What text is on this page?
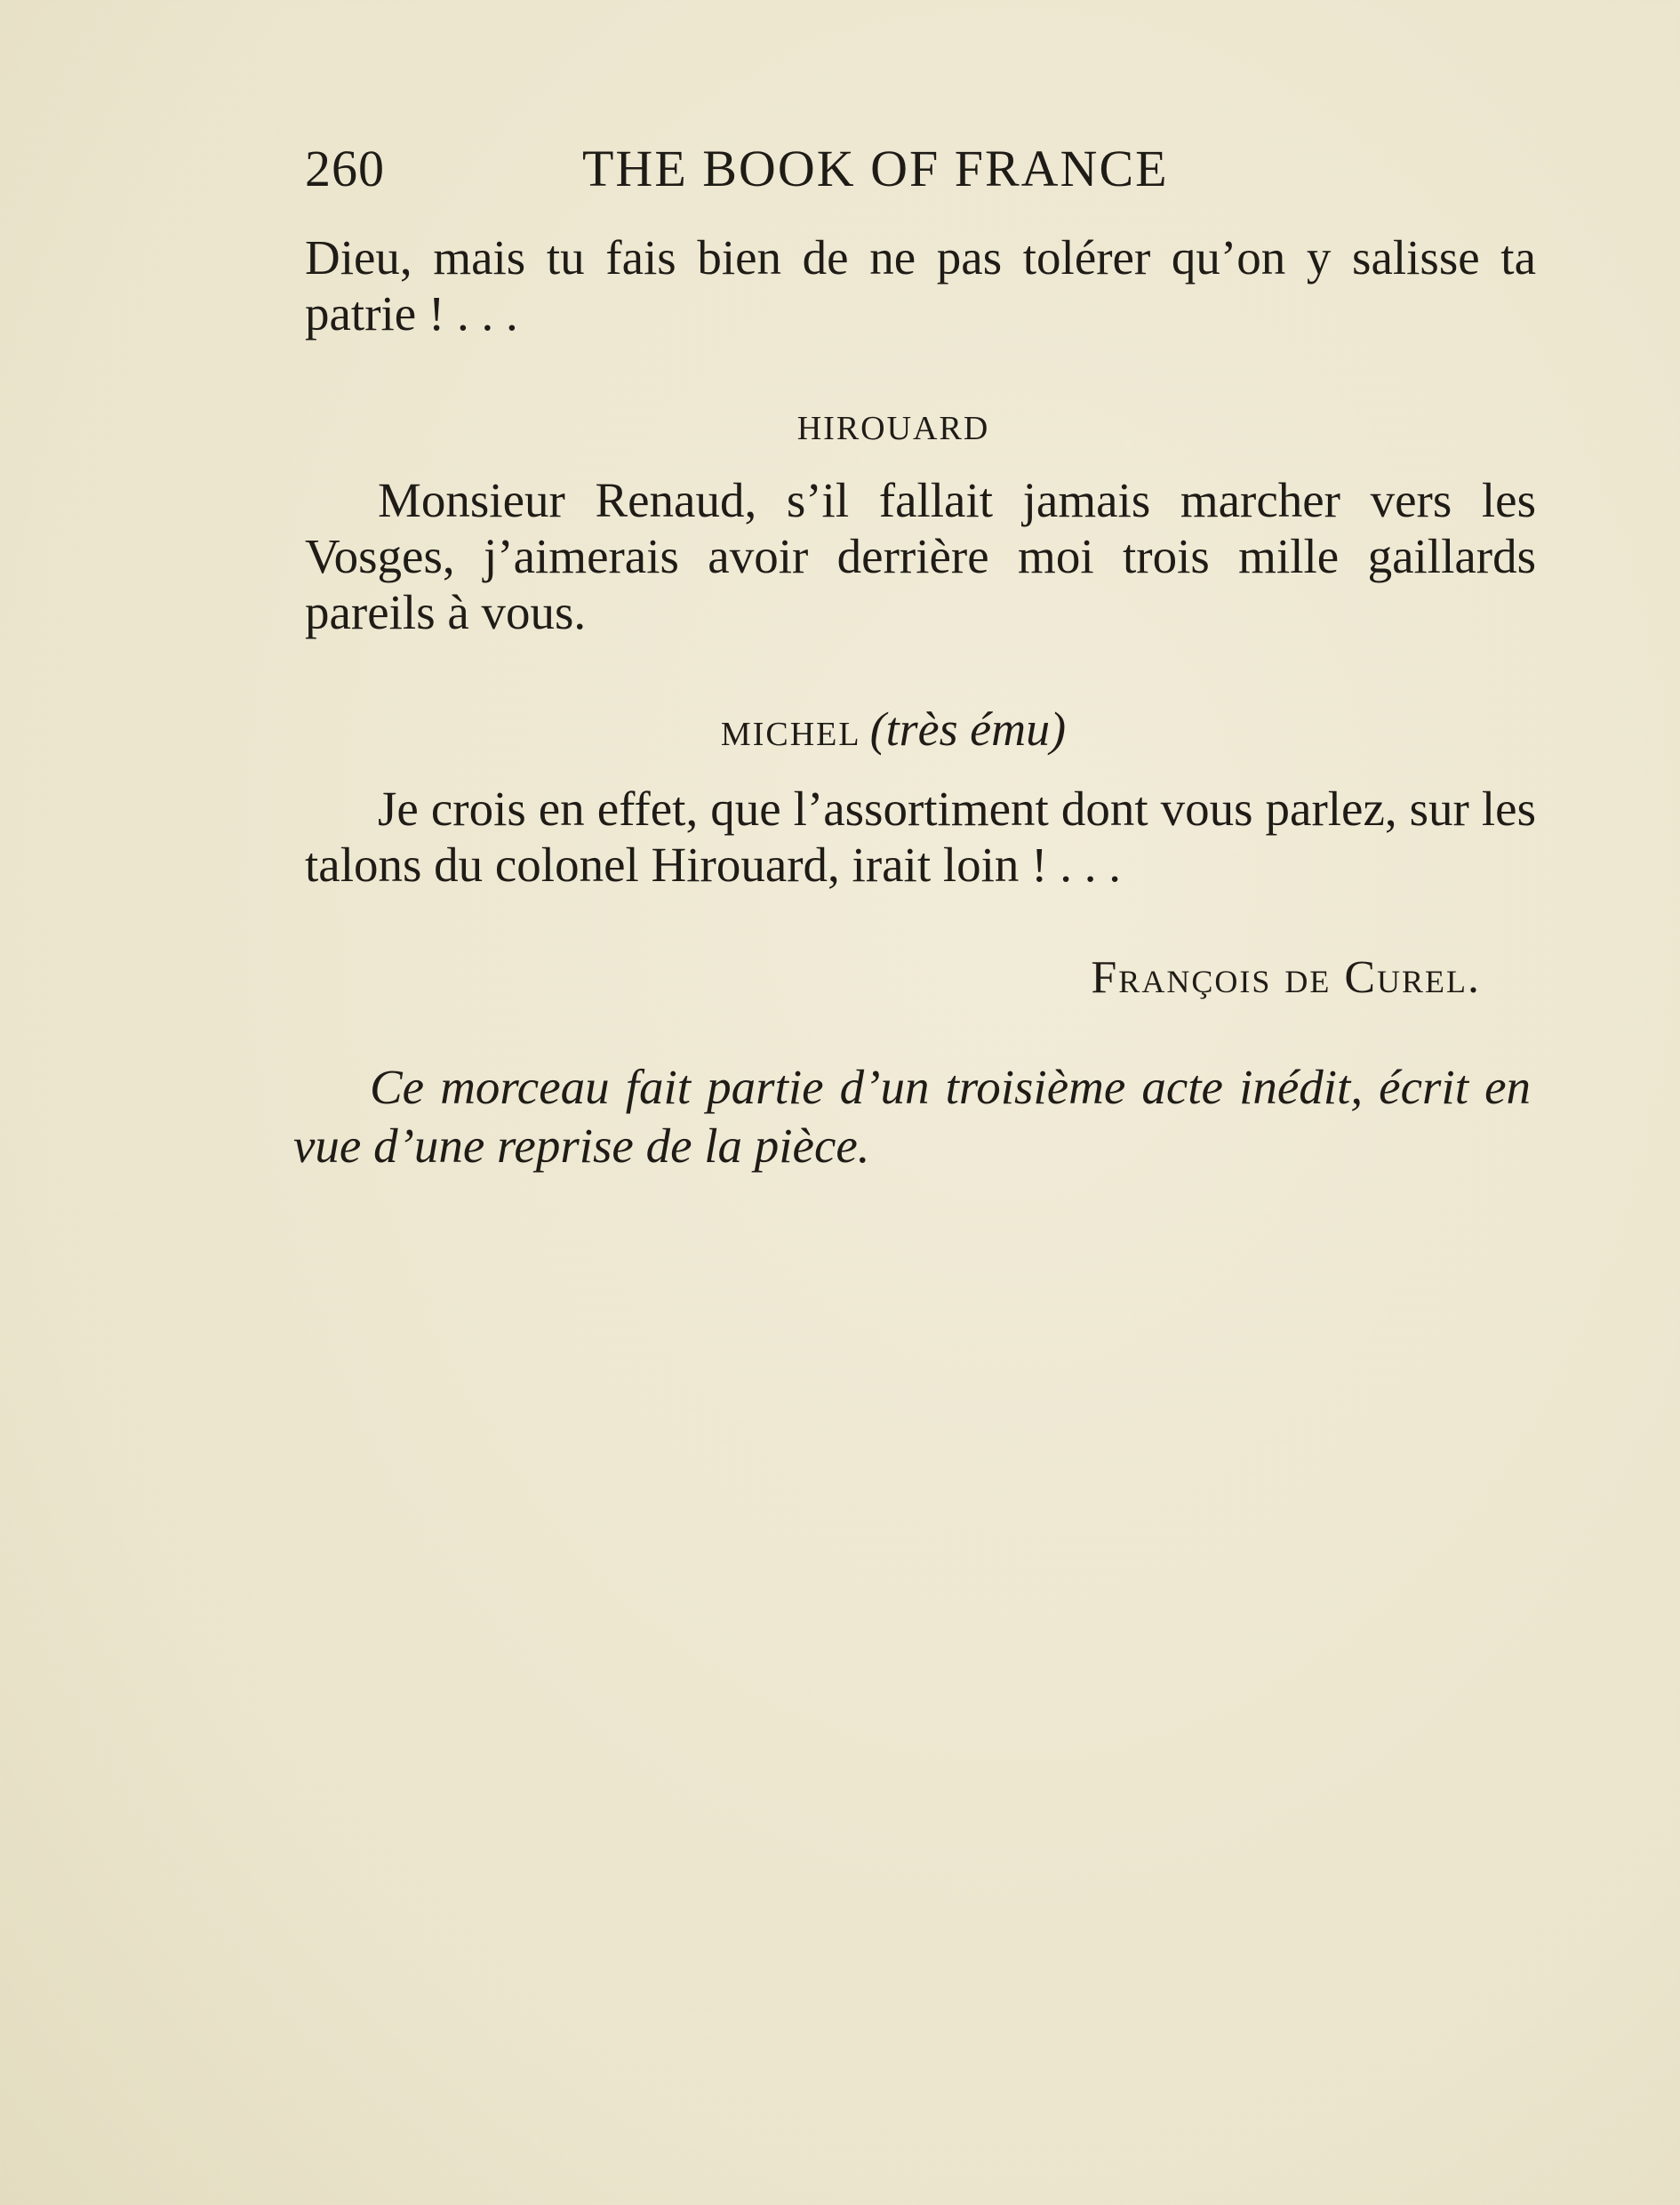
260	THE BOOK OF FRANCE
Dieu, mais tu fais bien de ne pas tolérer qu’on y salisse ta patrie ! . . .
HIROUARD
Monsieur Renaud, s’il fallait jamais marcher vers les Vosges, j’aimerais avoir derrière moi trois mille gaillards pareils à vous.
MICHEL (très ému)
Je crois en effet, que l’assortiment dont vous parlez, sur les talons du colonel Hirouard, irait loin ! . . .
François de Curel.
Ce morceau fait partie d’un troisième acte inédit, écrit en vue d’une reprise de la pièce.
